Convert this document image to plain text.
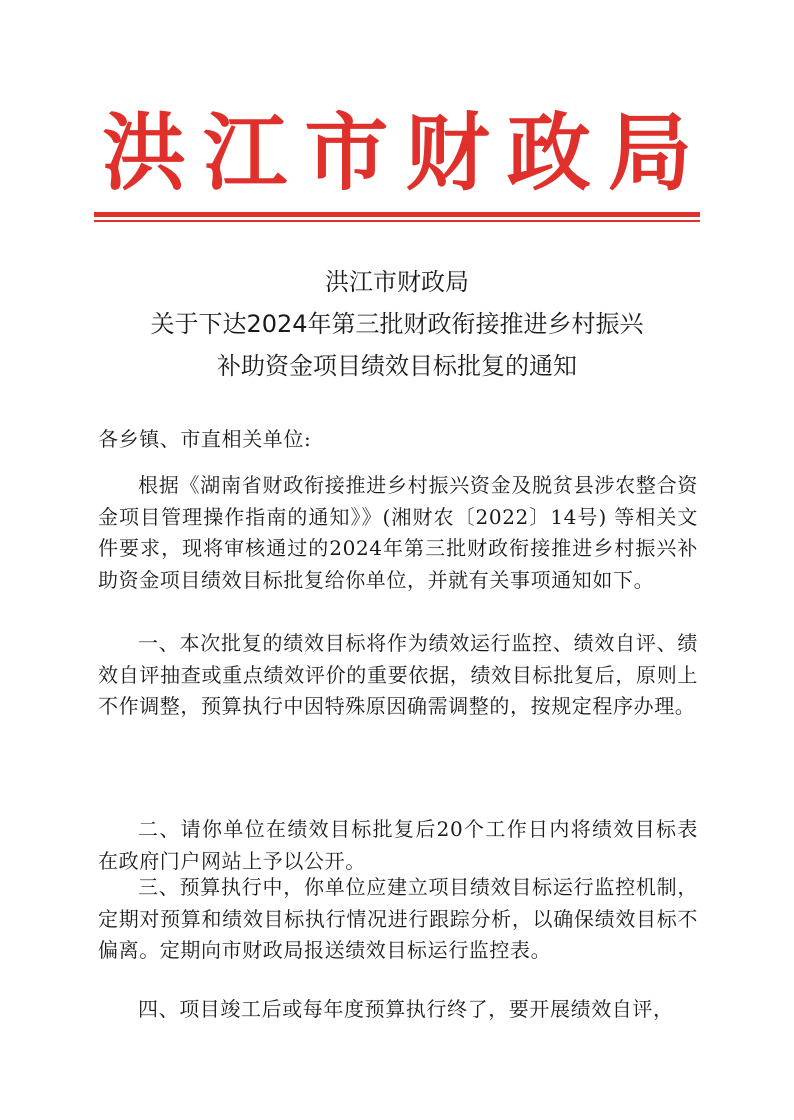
洪 江 市 财 政 局
洪江市财政局
关于下达2024年第三批财政衔接推进乡村振兴
补助资金项目绩效目标批复的通知
各乡镇、市直相关单位:
根据《湖南省财政衔接推进乡村振兴资金及脱贫县涉农整合资金项目管理操作指南的通知》》(湘财农〔2022〕14号) 等相关文件要求，现将审核通过的2024年第三批财政衔接推进乡村振兴补助资金项目绩效目标批复给你单位，并就有关事项通知如下。
一、本次批复的绩效目标将作为绩效运行监控、绩效自评、绩效自评抽查或重点绩效评价的重要依据，绩效目标批复后，原则上不作调整，预算执行中因特殊原因确需调整的，按规定程序办理。
二、请你单位在绩效目标批复后20个工作日内将绩效目标表在政府门户网站上予以公开。
三、预算执行中，你单位应建立项目绩效目标运行监控机制，定期对预算和绩效目标执行情况进行跟踪分析，以确保绩效目标不偏离。定期向市财政局报送绩效目标运行监控表。
四、项目竣工后或每年度预算执行终了，要开展绩效自评，
